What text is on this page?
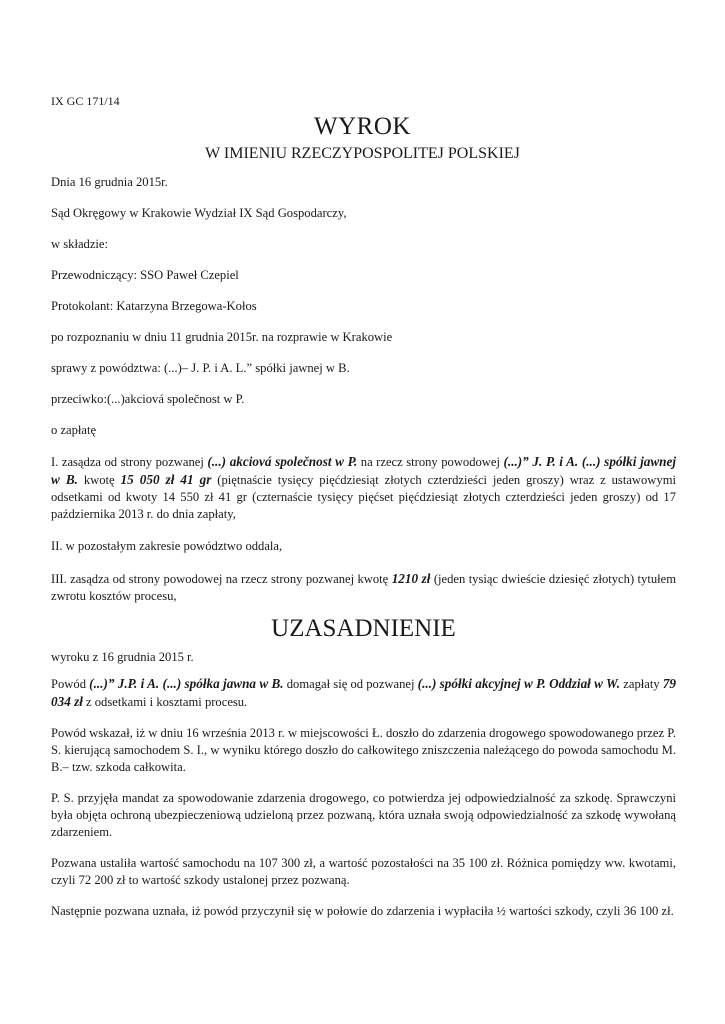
IX GC 171/14
WYROK
W IMIENIU RZECZYPOSPOLITEJ POLSKIEJ

Dnia 16 grudnia 2015r.

Sąd Okręgowy w Krakowie Wydział IX Sąd Gospodarczy,

w składzie:

Przewodniczący: SSO Paweł Czepiel

Protokolant: Katarzyna Brzegowa-Kołos

po rozpoznaniu w dniu 11 grudnia 2015r. na rozprawie w Krakowie

sprawy z powództwa: (...)– J. P. i A. L.” spółki jawnej w B.

przeciwko:(...)akciová společnost w P.

o zapłatę

I. zasądza od strony pozwanej (...) akciová společnost w P. na rzecz strony powodowej (...)” J. P. i A. (...) spółki jawnej w B. kwotę 15 050 zł 41 gr (piętnaście tysięcy pięćdziesiąt złotych czterdzieści jeden groszy) wraz z ustawowymi odsetkami od kwoty 14 550 zł 41 gr (czternaście tysięcy pięćset pięćdziesiąt złotych czterdzieści jeden groszy) od 17 października 2013 r. do dnia zapłaty,

II. w pozostałym zakresie powództwo oddala,

III. zasądza od strony powodowej na rzecz strony pozwanej kwotę 1210 zł (jeden tysiąc dwieście dziesięć złotych) tytułem zwrotu kosztów procesu,

UZASADNIENIE

wyroku z 16 grudnia 2015 r.

Powód (...)” J.P. i A. (...) spółka jawna w B. domagał się od pozwanej (...) spółki akcyjnej w P. Oddział w W. zapłaty 79 034 zł z odsetkami i kosztami procesu.

Powód wskazał, iż w dniu 16 września 2013 r. w miejscowości Ł. doszło do zdarzenia drogowego spowodowanego przez P. S. kierującą samochodem S. I., w wyniku którego doszło do całkowitego zniszczenia należącego do powoda samochodu M. B.– tzw. szkoda całkowita.

P. S. przyjęła mandat za spowodowanie zdarzenia drogowego, co potwierdza jej odpowiedzialność za szkodę. Sprawczyni była objęta ochroną ubezpieczeniową udzieloną przez pozwaną, która uznała swoją odpowiedzialność za szkodę wywołaną zdarzeniem.

Pozwana ustaliła wartość samochodu na 107 300 zł, a wartość pozostałości na 35 100 zł. Różnica pomiędzy ww. kwotami, czyli 72 200 zł to wartość szkody ustalonej przez pozwaną.

Następnie pozwana uznała, iż powód przyczynił się w połowie do zdarzenia i wypłaciła ½ wartości szkody, czyli 36 100 zł.
